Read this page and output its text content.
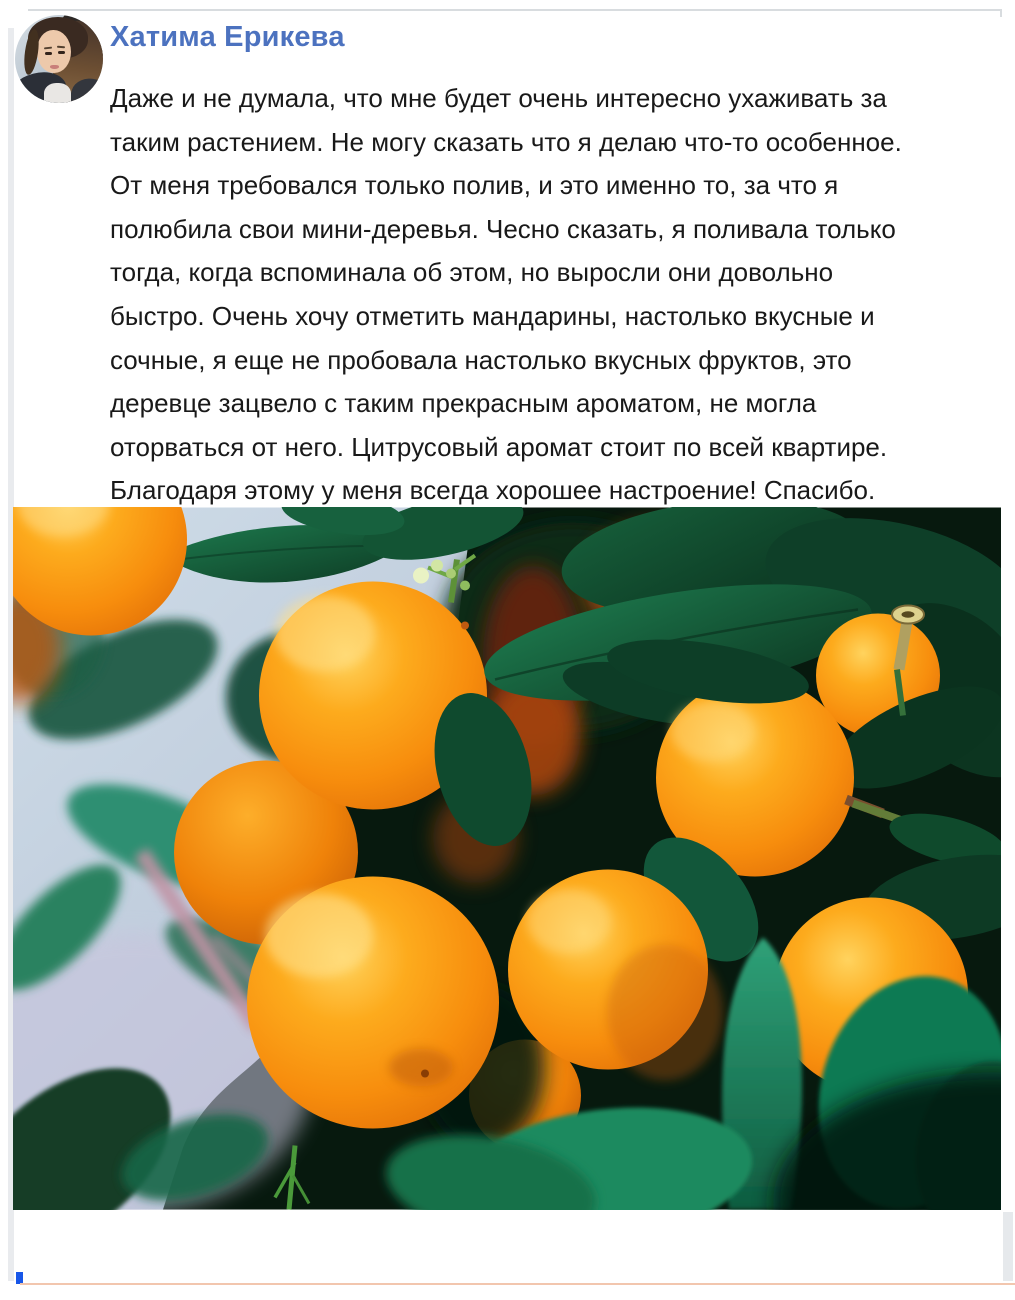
Хатима Ерикева
Даже и не думала, что мне будет очень интересно ухаживать за
таким растением. Не могу сказать что я делаю что-то особенное.
От меня требовался только полив, и это именно то, за что я
полюбила свои мини-деревья. Чесно сказать, я поливала только
тогда, когда вспоминала об этом, но выросли они довольно
быстро. Очень хочу отметить мандарины, настолько вкусные и
сочные, я еще не пробовала настолько вкусных фруктов, это
деревце зацвело с таким прекрасным ароматом, не могла
оторваться от него. Цитрусовый аромат стоит по всей квартире.
Благодаря этому у меня всегда хорошее настроение! Спасибо.
